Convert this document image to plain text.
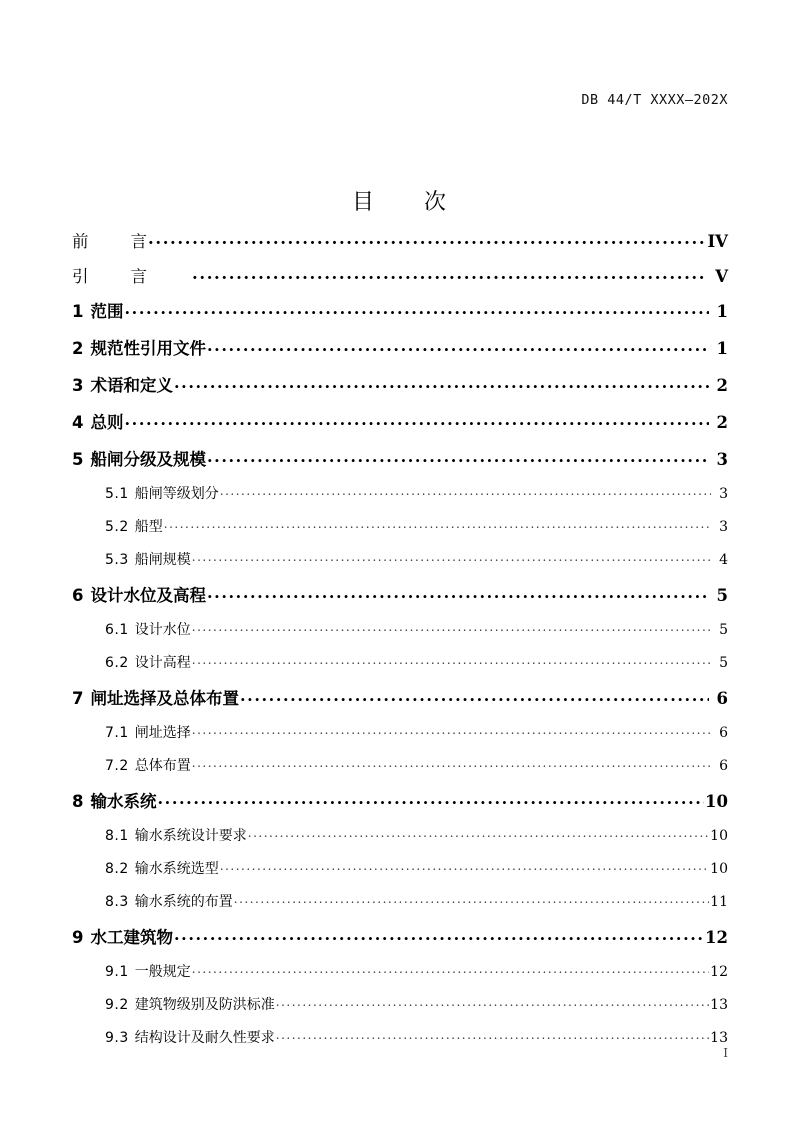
DB 44/T XXXX—202X
目　　次
前	言 .....	IV
引	言 .....	V
1 范围 .....	1
2 规范性引用文件 .....	1
3 术语和定义 .....	2
4 总则 .....	2
5 船闸分级及规模 .....	3
5.1 船闸等级划分 .....	3
5.2 船型 .....	3
5.3 船闸规模 .....	4
6 设计水位及高程 .....	5
6.1 设计水位 .....	5
6.2 设计高程 .....	5
7 闸址选择及总体布置 .....	6
7.1 闸址选择 .....	6
7.2 总体布置 .....	6
8 输水系统 .....	10
8.1 输水系统设计要求 .....	10
8.2 输水系统选型 .....	10
8.3 输水系统的布置 .....	11
9 水工建筑物 .....	12
9.1 一般规定 .....	12
9.2 建筑物级别及防洪标准 .....	13
9.3 结构设计及耐久性要求 .....	13
I
